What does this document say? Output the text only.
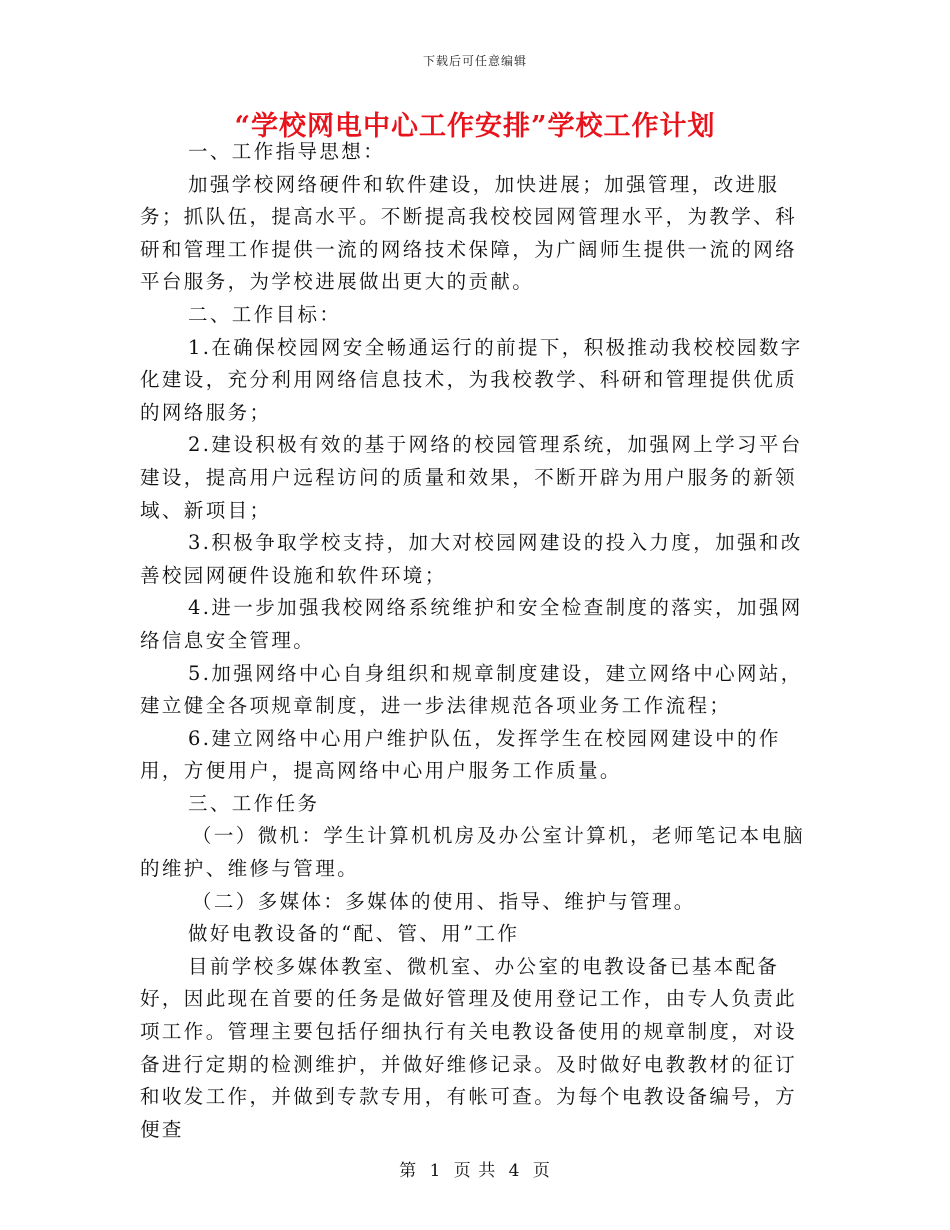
下载后可任意编辑
“学校网电中心工作安排”学校工作计划

一、工作指导思想：

加强学校网络硬件和软件建设，加快进展；加强管理，改进服务；抓队伍，提高水平。不断提高我校校园网管理水平，为教学、科研和管理工作提供一流的网络技术保障，为广阔师生提供一流的网络平台服务，为学校进展做出更大的贡献。

二、工作目标：

1.在确保校园网安全畅通运行的前提下，积极推动我校校园数字化建设，充分利用网络信息技术，为我校教学、科研和管理提供优质的网络服务；

2.建设积极有效的基于网络的校园管理系统，加强网上学习平台建设，提高用户远程访问的质量和效果，不断开辟为用户服务的新领域、新项目；

3.积极争取学校支持，加大对校园网建设的投入力度，加强和改善校园网硬件设施和软件环境；

4.进一步加强我校网络系统维护和安全检查制度的落实，加强网络信息安全管理。

5.加强网络中心自身组织和规章制度建设，建立网络中心网站，建立健全各项规章制度，进一步法律规范各项业务工作流程；

6.建立网络中心用户维护队伍，发挥学生在校园网建设中的作用，方便用户，提高网络中心用户服务工作质量。

三、工作任务

（一）微机：学生计算机机房及办公室计算机，老师笔记本电脑的维护、维修与管理。

（二）多媒体：多媒体的使用、指导、维护与管理。

做好电教设备的“配、管、用”工作

目前学校多媒体教室、微机室、办公室的电教设备已基本配备好，因此现在首要的任务是做好管理及使用登记工作，由专人负责此项工作。管理主要包括仔细执行有关电教设备使用的规章制度，对设备进行定期的检测维护，并做好维修记录。及时做好电教教材的征订和收发工作，并做到专款专用，有帐可查。为每个电教设备编号，方便查

第 1 页 共 4 页
